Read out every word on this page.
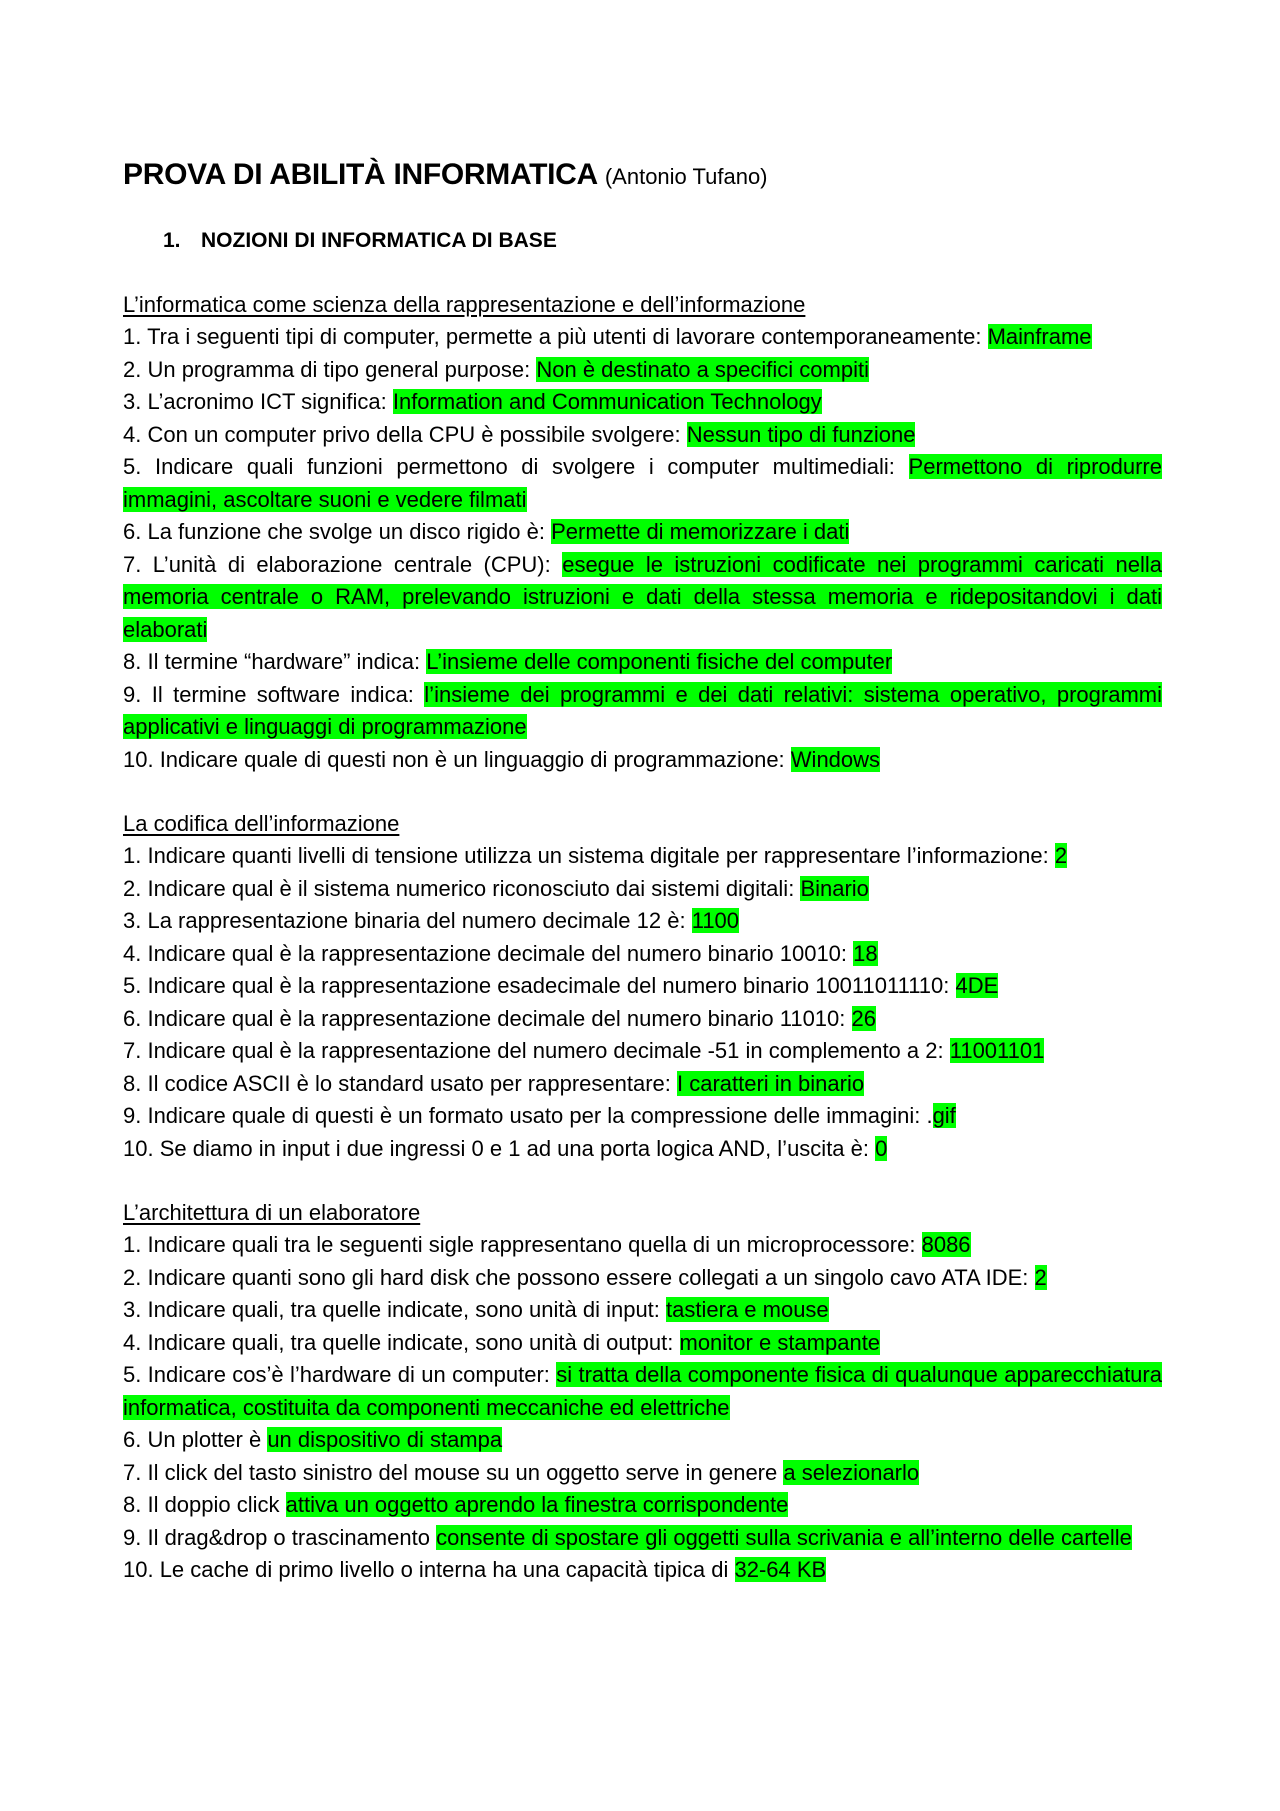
PROVA DI ABILITÀ INFORMATICA (Antonio Tufano)
1. NOZIONI DI INFORMATICA DI BASE
L’informatica come scienza della rappresentazione e dell’informazione

1. Tra i seguenti tipi di computer, permette a più utenti di lavorare contemporaneamente: Mainframe

2. Un programma di tipo general purpose: Non è destinato a specifici compiti

3. L’acronimo ICT significa: Information and Communication Technology

4. Con un computer privo della CPU è possibile svolgere: Nessun tipo di funzione

5. Indicare quali funzioni permettono di svolgere i computer multimediali: Permettono di riprodurre immagini, ascoltare suoni e vedere filmati

6. La funzione che svolge un disco rigido è: Permette di memorizzare i dati

7. L’unità di elaborazione centrale (CPU): esegue le istruzioni codificate nei programmi caricati nella memoria centrale o RAM, prelevando istruzioni e dati della stessa memoria e ridepositandovi i dati elaborati

8. Il termine “hardware” indica: L’insieme delle componenti fisiche del computer

9. Il termine software indica: l’insieme dei programmi e dei dati relativi: sistema operativo, programmi applicativi e linguaggi di programmazione

10. Indicare quale di questi non è un linguaggio di programmazione: Windows

La codifica dell’informazione

1. Indicare quanti livelli di tensione utilizza un sistema digitale per rappresentare l’informazione: 2

2. Indicare qual è il sistema numerico riconosciuto dai sistemi digitali: Binario

3. La rappresentazione binaria del numero decimale 12 è: 1100

4. Indicare qual è la rappresentazione decimale del numero binario 10010: 18

5. Indicare qual è la rappresentazione esadecimale del numero binario 10011011110: 4DE

6. Indicare qual è la rappresentazione decimale del numero binario 11010: 26

7. Indicare qual è la rappresentazione del numero decimale -51 in complemento a 2: 11001101

8. Il codice ASCII è lo standard usato per rappresentare: I caratteri in binario

9. Indicare quale di questi è un formato usato per la compressione delle immagini: .gif

10. Se diamo in input i due ingressi 0 e 1 ad una porta logica AND, l’uscita è: 0

L’architettura di un elaboratore

1. Indicare quali tra le seguenti sigle rappresentano quella di un microprocessore: 8086

2. Indicare quanti sono gli hard disk che possono essere collegati a un singolo cavo ATA IDE: 2

3. Indicare quali, tra quelle indicate, sono unità di input: tastiera e mouse

4. Indicare quali, tra quelle indicate, sono unità di output: monitor e stampante

5. Indicare cos’è l’hardware di un computer: si tratta della componente fisica di qualunque apparecchiatura informatica, costituita da componenti meccaniche ed elettriche

6. Un plotter è un dispositivo di stampa

7. Il click del tasto sinistro del mouse su un oggetto serve in genere a selezionarlo

8. Il doppio click attiva un oggetto aprendo la finestra corrispondente

9. Il drag&drop o trascinamento consente di spostare gli oggetti sulla scrivania e all’interno delle cartelle

10. Le cache di primo livello o interna ha una capacità tipica di 32-64 KB
